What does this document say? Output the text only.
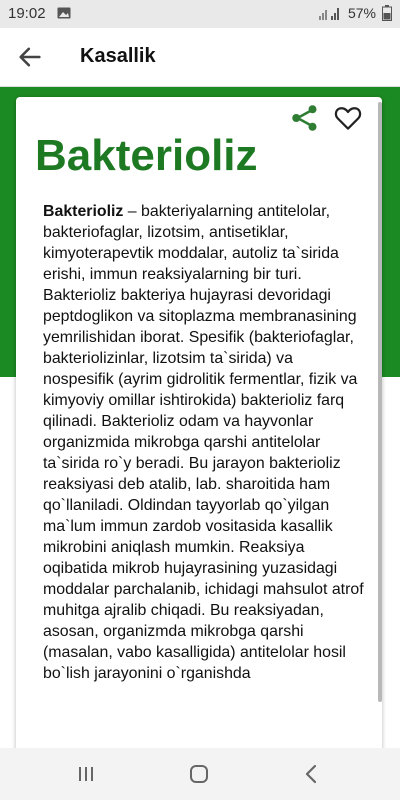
19:02	57%
Kasallik
Bakterioliz
Bakterioliz – bakteriyalarning antitelolar, bakteriofaglar, lizotsim, antisetiklar, kimyoterapevtik moddalar, autoliz ta`sirida erishi, immun reaksiyalarning bir turi. Bakterioliz bakteriya hujayrasi devoridagi peptdoglikon va sitoplazma membranasining yemrilishidan iborat. Spesifik (bakteriofaglar, bakteriolizinlar, lizotsim ta`sirida) va nospesifik (ayrim gidrolitik fermentlar, fizik va kimyoviy omillar ishtirokida) bakterioliz farq qilinadi. Bakterioliz odam va hayvonlar organizmida mikrobga qarshi antitelolar ta`sirida ro`y beradi. Bu jarayon bakterioliz reaksiyasi deb atalib, lab. sharoitida ham qo`llaniladi. Oldindan tayyorlab qo`yilgan ma`lum immun zardob vositasida kasallik mikrobini aniqlash mumkin. Reaksiya oqibatida mikrob hujayrasining yuzasidagi moddalar parchalanib, ichidagi mahsulot atrof muhitga ajralib chiqadi. Bu reaksiyadan, asosan, organizmda mikrobga qarshi (masalan, vabo kasalligida) antitelolar hosil bo`lish jarayonini o`rganishda
